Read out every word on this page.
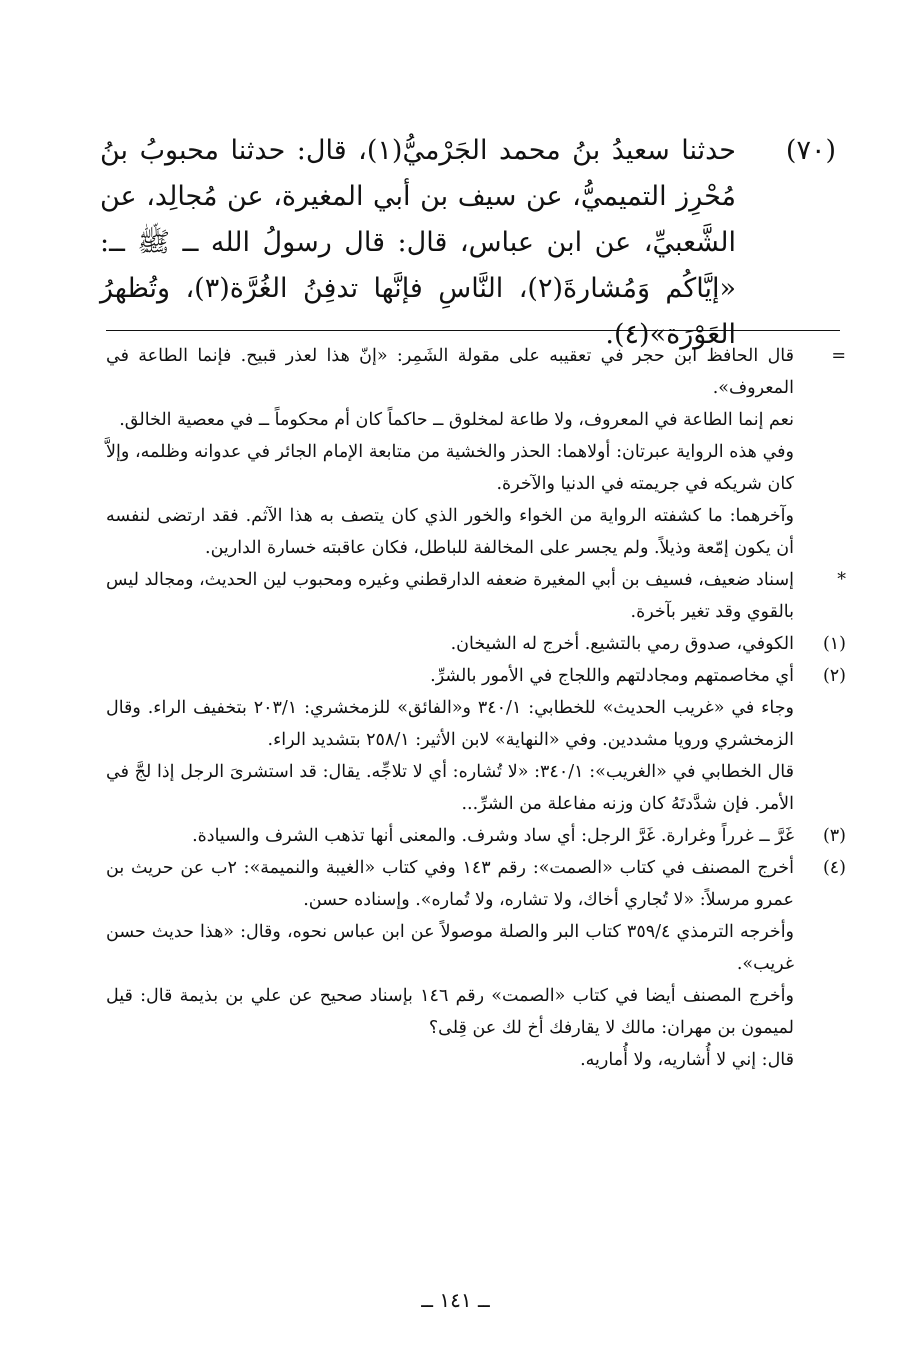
(٧٠)
حدثنا سعيدُ بنُ محمد الجَرْميُّ(١)، قال: حدثنا محبوبُ بنُ مُحْرِز التميميُّ، عن سيف بن أبي المغيرة، عن مُجالِد، عن الشَّعبيِّ، عن ابن عباس، قال: قال رسولُ الله ــ ﷺ ــ: «إيَّاكُم وَمُشارةَ(٢)، النَّاسِ فإنَّها تدفِنُ الغُرَّة(٣)، وتُظهرُ العَوْرَة»(٤).
=
قال الحافظ ابن حجر في تعقيبه على مقولة الشَمِر: «إنّ هذا لعذر قبيح. فإنما الطاعة في المعروف».
نعم إنما الطاعة في المعروف، ولا طاعة لمخلوق ــ حاكماً كان أم محكوماً ــ في معصية الخالق.
وفي هذه الرواية عبرتان: أولاهما: الحذر والخشية من متابعة الإمام الجائر في عدوانه وظلمه، وإلاَّ كان شريكه في جريمته في الدنيا والآخرة.
وآخرهما: ما كشفته الرواية من الخواء والخور الذي كان يتصف به هذا الآثم. فقد ارتضى لنفسه أن يكون إمّعة وذيلاً. ولم يجسر على المخالفة للباطل، فكان عاقبته خسارة الدارين.
*
إسناد ضعيف، فسيف بن أبي المغيرة ضعفه الدارقطني وغيره ومحبوب لين الحديث، ومجالد ليس بالقوي وقد تغير بآخرة.
(١)
الكوفي، صدوق رمي بالتشيع. أخرج له الشيخان.
(٢)
أي مخاصمتهم ومجادلتهم واللجاج في الأمور بالشرِّ.
وجاء في «غريب الحديث» للخطابي: ٣٤٠/١ و«الفائق» للزمخشري: ٢٠٣/١ بتخفيف الراء. وقال الزمخشري ورويا مشددين. وفي «النهاية» لابن الأثير: ٢٥٨/١ بتشديد الراء.
قال الخطابي في «الغريب»: ٣٤٠/١: «لا تُشاره: أي لا تلاجِّه. يقال: قد استشرىَ الرجل إذا لجَّ في الأمر. فإن شدَّدتَهُ كان وزنه مفاعلة من الشرِّ...
(٣)
غَرَّ ــ غرراً وغرارة. غَرَّ الرجل: أي ساد وشرف. والمعنى أنها تذهب الشرف والسيادة.
(٤)
أخرج المصنف في كتاب «الصمت»: رقم ١٤٣ وفي كتاب «الغيبة والنميمة»: ٢ب عن حريث بن عمرو مرسلاً: «لا تُجاري أخاك، ولا تشاره، ولا تُماره». وإسناده حسن.
وأخرجه الترمذي ٣٥٩/٤ كتاب البر والصلة موصولاً عن ابن عباس نحوه، وقال: «هذا حديث حسن غريب».
وأخرج المصنف أيضا في كتاب «الصمت» رقم ١٤٦ بإسناد صحيح عن علي بن بذيمة قال: قيل لميمون بن مهران: مالك لا يقارفك أخ لك عن قِلى؟
قال: إني لا أُشاريه، ولا أُماريه.
ــ ١٤١ ــ
